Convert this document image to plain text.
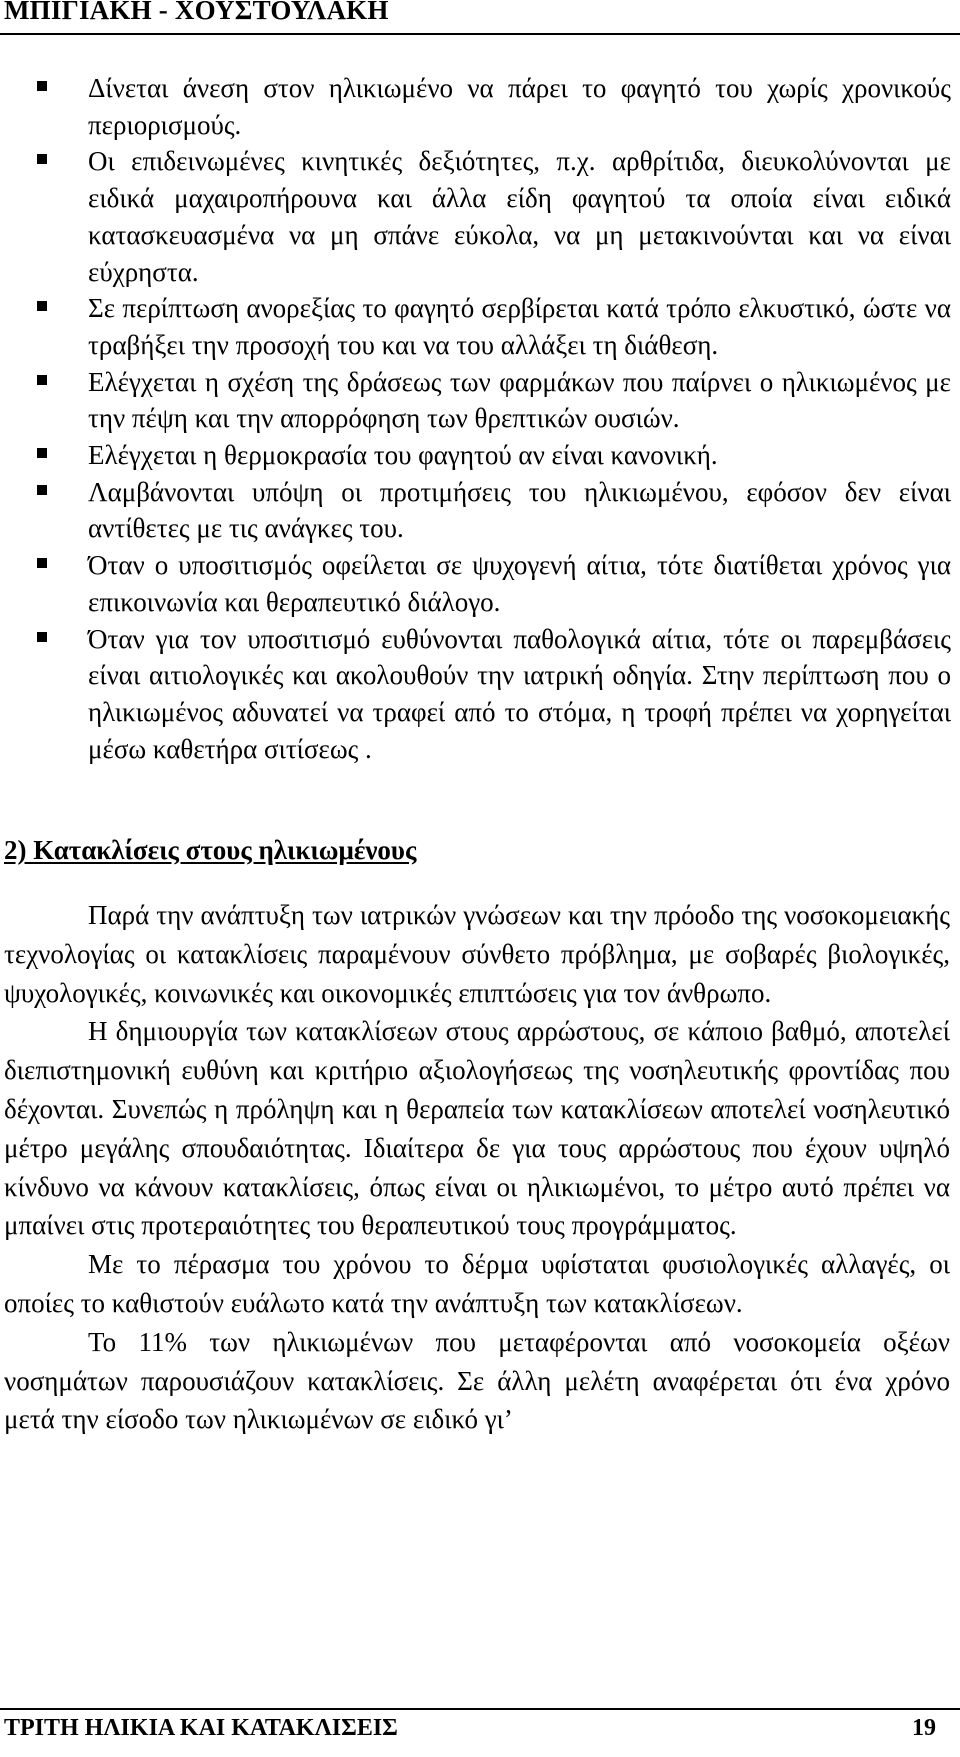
ΜΠΙΓΙΑΚΗ - ΧΟΥΣΤΟΥΛΑΚΗ
Δίνεται άνεση στον ηλικιωμένο να πάρει το φαγητό του χωρίς χρονικούς περιορισμούς.
Οι επιδεινωμένες κινητικές δεξιότητες, π.χ. αρθρίτιδα, διευκολύνονται με ειδικά μαχαιροπήρουνα και άλλα είδη φαγητού τα οποία είναι ειδικά κατασκευασμένα να μη σπάνε εύκολα, να μη μετακινούνται και να είναι εύχρηστα.
Σε περίπτωση ανορεξίας το φαγητό σερβίρεται κατά τρόπο ελκυστικό, ώστε να τραβήξει την προσοχή του και να του αλλάξει τη διάθεση.
Ελέγχεται η σχέση της δράσεως των φαρμάκων που παίρνει ο ηλικιωμένος με την πέψη και την απορρόφηση των θρεπτικών ουσιών.
Ελέγχεται η θερμοκρασία του φαγητού αν είναι κανονική.
Λαμβάνονται υπόψη οι προτιμήσεις του ηλικιωμένου, εφόσον δεν είναι αντίθετες με τις ανάγκες του.
Όταν ο υποσιτισμός οφείλεται σε ψυχογενή αίτια, τότε διατίθεται χρόνος για επικοινωνία και θεραπευτικό διάλογο.
Όταν για τον υποσιτισμό ευθύνονται παθολογικά αίτια, τότε οι παρεμβάσεις είναι αιτιολογικές και ακολουθούν την ιατρική οδηγία. Στην περίπτωση που ο ηλικιωμένος αδυνατεί να τραφεί από το στόμα, η τροφή πρέπει να χορηγείται μέσω καθετήρα σιτίσεως .
2) Κατακλίσεις στους ηλικιωμένους

Παρά την ανάπτυξη των ιατρικών γνώσεων και την πρόοδο της νοσοκομειακής τεχνολογίας οι κατακλίσεις παραμένουν σύνθετο πρόβλημα, με σοβαρές βιολογικές, ψυχολογικές, κοινωνικές και οικονομικές επιπτώσεις για τον άνθρωπο.

Η δημιουργία των κατακλίσεων στους αρρώστους, σε κάποιο βαθμό, αποτελεί διεπιστημονική ευθύνη και κριτήριο αξιολογήσεως της νοσηλευτικής φροντίδας που δέχονται. Συνεπώς η πρόληψη και η θεραπεία των κατακλίσεων αποτελεί νοσηλευτικό μέτρο μεγάλης σπουδαιότητας. Ιδιαίτερα δε για τους αρρώστους που έχουν υψηλό κίνδυνο να κάνουν κατακλίσεις, όπως είναι οι ηλικιωμένοι, το μέτρο αυτό πρέπει να μπαίνει στις προτεραιότητες του θεραπευτικού τους προγράμματος.

Με το πέρασμα του χρόνου το δέρμα υφίσταται φυσιολογικές αλλαγές, οι οποίες το καθιστούν ευάλωτο κατά την ανάπτυξη των κατακλίσεων.

Το 11% των ηλικιωμένων που μεταφέρονται από νοσοκομεία οξέων νοσημάτων παρουσιάζουν κατακλίσεις. Σε άλλη μελέτη αναφέρεται ότι ένα χρόνο μετά την είσοδο των ηλικιωμένων σε ειδικό γι’

ΤΡΙΤΗ ΗΛΙΚΙΑ ΚΑΙ ΚΑΤΑΚΛΙΣΕΙΣ	19
